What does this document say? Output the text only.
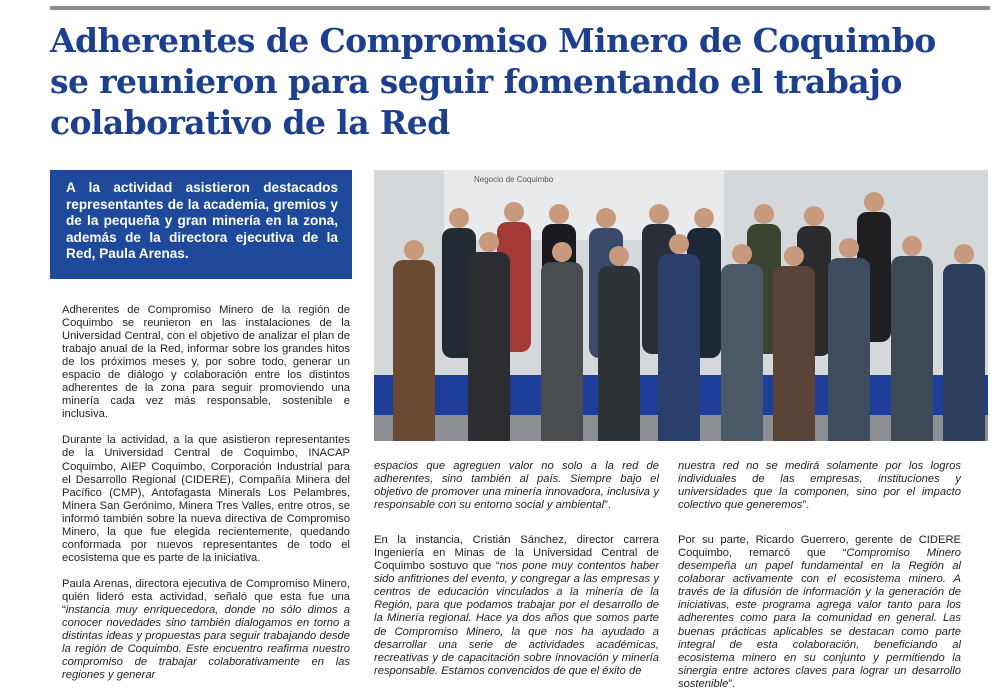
Adherentes de Compromiso Minero de Coquimbo
se reunieron para seguir fomentando el trabajo
colaborativo de la Red

A la actividad asistieron destacados representantes de la academia, gremios y de la pequeña y gran minería en la zona, además de la directora ejecutiva de la Red, Paula Arenas.

Negocio de Coquimbo

Adherentes de Compromiso Minero de la región de Coquimbo se reunieron en las instalaciones de la Universidad Central, con el objetivo de analizar el plan de trabajo anual de la Red, informar sobre los grandes hitos de los próximos meses y, por sobre todo, generar un espacio de diálogo y colaboración entre los distintos adherentes de la zona para seguir promoviendo una minería cada vez más responsable, sostenible e inclusiva.

Durante la actividad, a la que asistieron representantes de la Universidad Central de Coquimbo, INACAP Coquimbo, AIEP Coquimbo, Corporación Industrial para el Desarrollo Regional (CIDERE), Compañía Minera del Pacífico (CMP), Antofagasta Minerals Los Pelambres, Minera San Gerónimo, Minera Tres Valles, entre otros, se informó también sobre la nueva directiva de Compromiso Minero, la que fue elegida recientemente, quedando conformada por nuevos representantes de todo el ecosistema que es parte de la iniciativa.

Paula Arenas, directora ejecutiva de Compromiso Minero, quién lideró esta actividad, señaló que esta fue una “instancia muy enriquecedora, donde no sólo dimos a conocer novedades sino también dialogamos en torno a distintas ideas y propuestas para seguir trabajando desde la región de Coquimbo. Este encuentro reafirma nuestro compromiso de trabajar colaborativamente en las regiones y generar

espacios que agreguen valor no solo a la red de adherentes, sino también al país. Siempre bajo el objetivo de promover una minería innovadora, inclusiva y responsable con su entorno social y ambiental”.

En la instancia, Cristián Sánchez, director carrera Ingeniería en Minas de la Universidad Central de Coquimbo sostuvo que “nos pone muy contentos haber sido anfitriones del evento, y congregar a las empresas y centros de educación vinculados a la minería de la Región, para que podamos trabajar por el desarrollo de la Minería regional. Hace ya dos años que somos parte de Compromiso Minero, la que nos ha ayudado a desarrollar una serie de actividades académicas, recreativas y de capacitación sobre innovación y minería responsable. Estamos convencidos de que el éxito de

nuestra red no se medirá solamente por los logros individuales de las empresas, instituciones y universidades que la componen, sino por el impacto colectivo que generemos”.

Por su parte, Ricardo Guerrero, gerente de CIDERE Coquimbo, remarcó que “Compromiso Minero desempeña un papel fundamental en la Región al colaborar activamente con el ecosistema minero. A través de la difusión de información y la generación de iniciativas, este programa agrega valor tanto para los adherentes como para la comunidad en general. Las buenas prácticas aplicables se destacan como parte integral de esta colaboración, beneficiando al ecosistema minero en su conjunto y permitiendo la sinergia entre actores claves para lograr un desarrollo sostenible”.
